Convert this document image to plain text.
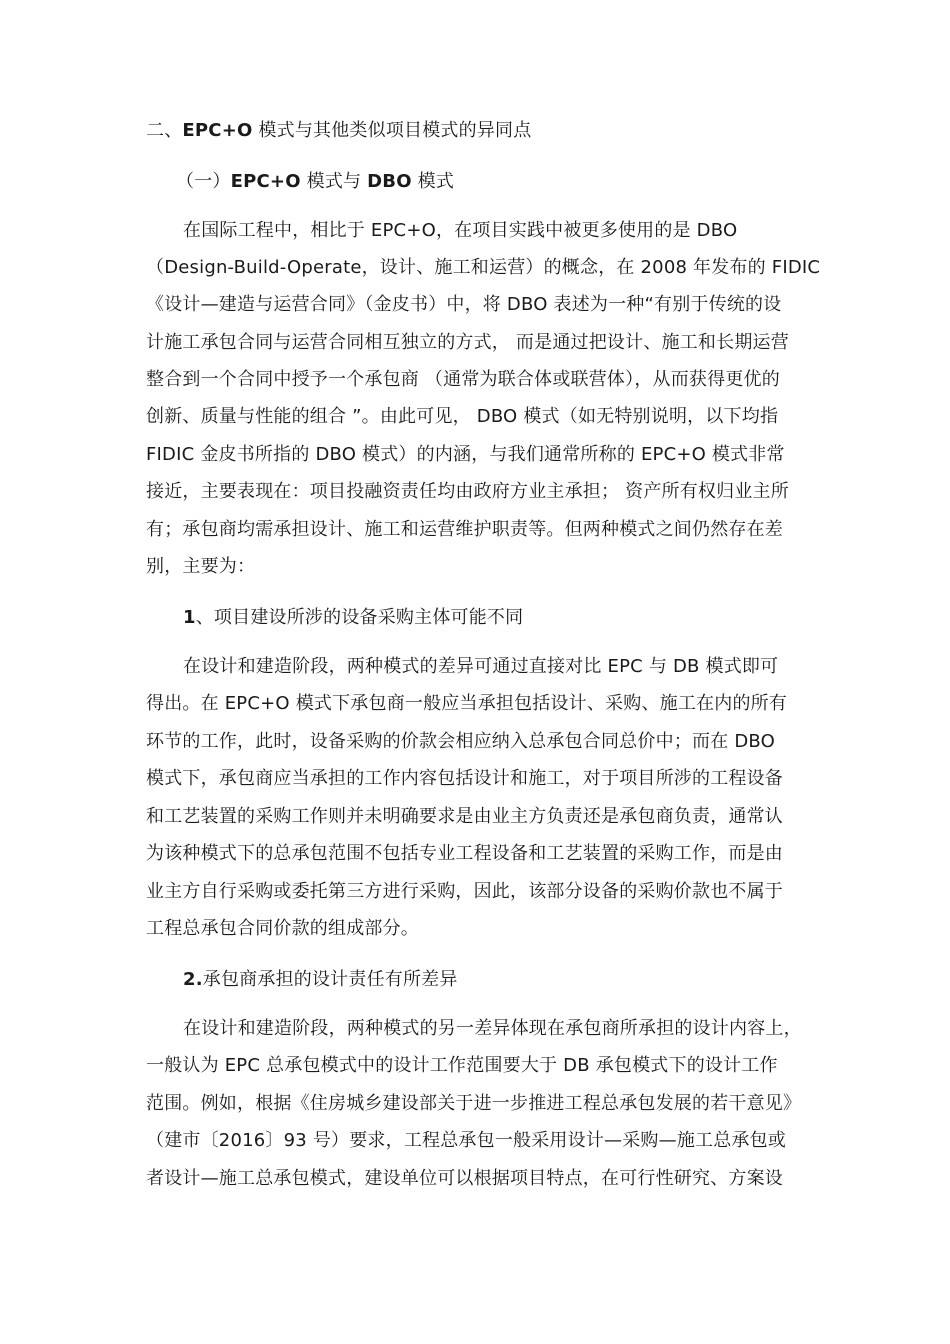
二、EPC+O 模式与其他类似项目模式的异同点
（一）EPC+O 模式与 DBO 模式
在国际工程中，相比于 EPC+O，在项目实践中被更多使用的是 DBO
（Design-Build-Operate，设计、施工和运营）的概念，在 2008 年发布的 FIDIC
《设计—建造与运营合同》（金皮书）中，将 DBO 表述为一种“有别于传统的设
计施工承包合同与运营合同相互独立的方式， 而是通过把设计、施工和长期运营
整合到一个合同中授予一个承包商 （通常为联合体或联营体），从而获得更优的
创新、质量与性能的组合 ”。由此可见， DBO 模式（如无特别说明，以下均指
FIDIC 金皮书所指的 DBO 模式）的内涵，与我们通常所称的 EPC+O 模式非常
接近，主要表现在：项目投融资责任均由政府方业主承担； 资产所有权归业主所
有；承包商均需承担设计、施工和运营维护职责等。但两种模式之间仍然存在差
别，主要为：
1、项目建设所涉的设备采购主体可能不同
在设计和建造阶段，两种模式的差异可通过直接对比 EPC 与 DB 模式即可
得出。在 EPC+O 模式下承包商一般应当承担包括设计、采购、施工在内的所有
环节的工作，此时，设备采购的价款会相应纳入总承包合同总价中；而在 DBO
模式下，承包商应当承担的工作内容包括设计和施工，对于项目所涉的工程设备
和工艺装置的采购工作则并未明确要求是由业主方负责还是承包商负责，通常认
为该种模式下的总承包范围不包括专业工程设备和工艺装置的采购工作，而是由
业主方自行采购或委托第三方进行采购，因此，该部分设备的采购价款也不属于
工程总承包合同价款的组成部分。
2.承包商承担的设计责任有所差异
在设计和建造阶段，两种模式的另一差异体现在承包商所承担的设计内容上，
一般认为 EPC 总承包模式中的设计工作范围要大于 DB 承包模式下的设计工作
范围。例如，根据《住房城乡建设部关于进一步推进工程总承包发展的若干意见》
（建市〔2016〕93 号）要求，工程总承包一般采用设计—采购—施工总承包或
者设计—施工总承包模式，建设单位可以根据项目特点，在可行性研究、方案设
